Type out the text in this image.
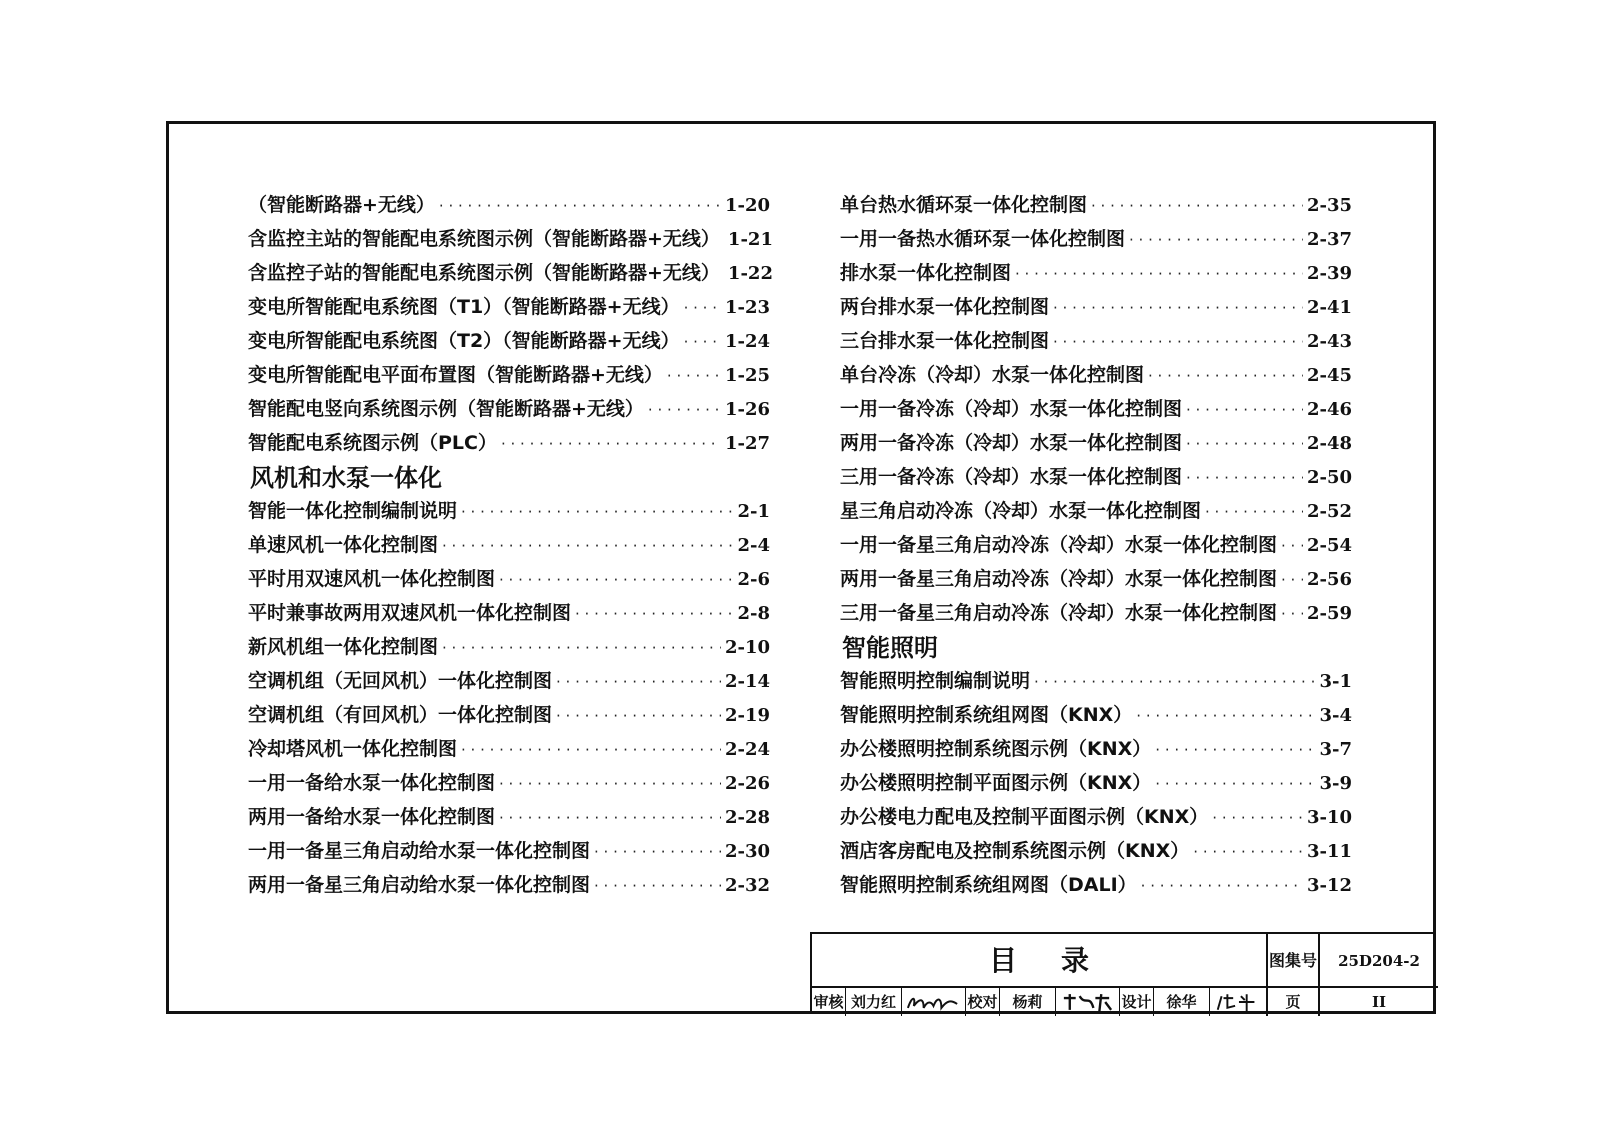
（智能断路器+无线） · · ·	1-20
含监控主站的智能配电系统图示例（智能断路器+无线） 1-21
含监控子站的智能配电系统图示例（智能断路器+无线） 1-22
变电所智能配电系统图（T1）（智能断路器+无线） · · ·	1-23
变电所智能配电系统图（T2）（智能断路器+无线） · · ·	1-24
变电所智能配电平面布置图（智能断路器+无线） · · ·	1-25
智能配电竖向系统图示例（智能断路器+无线） · · ·	1-26
智能配电系统图示例（PLC） · · ·	1-27
风机和水泵一体化
智能一体化控制编制说明 · · ·	2-1
单速风机一体化控制图 · · ·	2-4
平时用双速风机一体化控制图 · · ·	2-6
平时兼事故两用双速风机一体化控制图 · · ·	2-8
新风机组一体化控制图 · · ·	2-10
空调机组（无回风机）一体化控制图 · · ·	2-14
空调机组（有回风机）一体化控制图 · · ·	2-19
冷却塔风机一体化控制图 · · ·	2-24
一用一备给水泵一体化控制图 · · ·	2-26
两用一备给水泵一体化控制图 · · ·	2-28
一用一备星三角启动给水泵一体化控制图 · · ·	2-30
两用一备星三角启动给水泵一体化控制图 · · ·	2-32
单台热水循环泵一体化控制图 · · ·	2-35
一用一备热水循环泵一体化控制图 · · ·	2-37
排水泵一体化控制图 · · ·	2-39
两台排水泵一体化控制图 · · ·	2-41
三台排水泵一体化控制图 · · ·	2-43
单台冷冻（冷却）水泵一体化控制图 · · ·	2-45
一用一备冷冻（冷却）水泵一体化控制图 · · ·	2-46
两用一备冷冻（冷却）水泵一体化控制图 · · ·	2-48
三用一备冷冻（冷却）水泵一体化控制图 · · ·	2-50
星三角启动冷冻（冷却）水泵一体化控制图 · · ·	2-52
一用一备星三角启动冷冻（冷却）水泵一体化控制图 · · · 2-54
两用一备星三角启动冷冻（冷却）水泵一体化控制图 · · · 2-56
三用一备星三角启动冷冻（冷却）水泵一体化控制图 · · · 2-59
智能照明
智能照明控制编制说明 · · ·	3-1
智能照明控制系统组网图（KNX） · · ·	3-4
办公楼照明控制系统图示例（KNX） · · ·	3-7
办公楼照明控制平面图示例（KNX） · · ·	3-9
办公楼电力配电及控制平面图示例（KNX） · · ·	3-10
酒店客房配电及控制系统图示例（KNX） · · ·	3-11
智能照明控制系统组网图（DALI） · · ·	3-12
目录	图集号	25D204-2
审核 刘力红	校对 杨莉	设计 徐华	页	II
